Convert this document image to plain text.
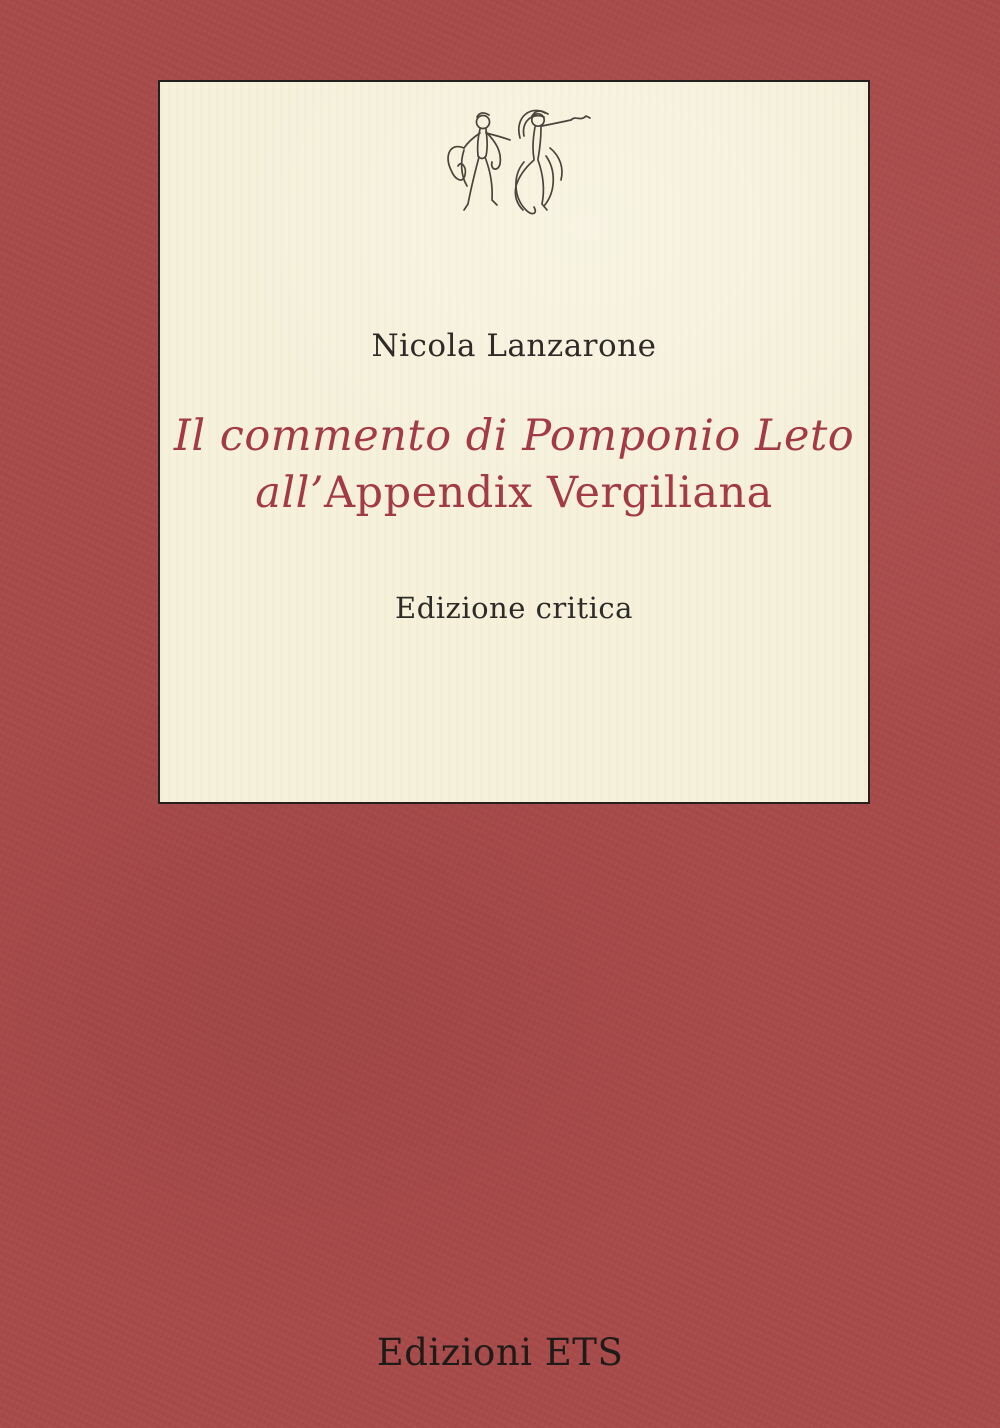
Nicola Lanzarone
Il commento di Pomponio Leto
all’Appendix Vergiliana
Edizione critica
Edizioni ETS
